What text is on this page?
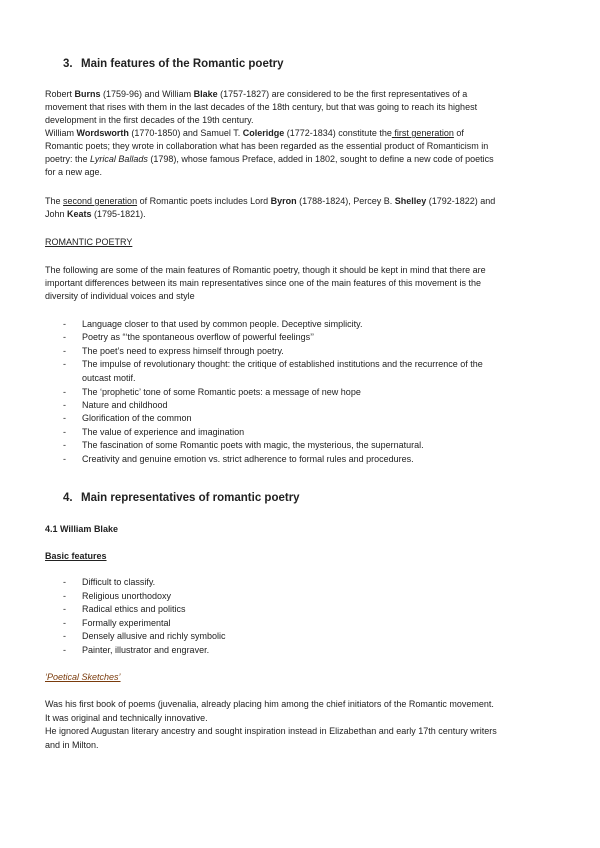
3. Main features of the Romantic poetry
Robert Burns (1759-96) and William Blake (1757-1827) are considered to be the first representatives of a
movement that rises with them in the last decades of the 18th century, but that was going to reach its highest
development in the first decades of the 19th century.
William Wordsworth (1770-1850) and Samuel T. Coleridge (1772-1834) constitute the first generation of
Romantic poets; they wrote in collaboration what has been regarded as the essential product of Romanticism in
poetry: the Lyrical Ballads (1798), whose famous Preface, added in 1802, sought to define a new code of poetics
for a new age.
The second generation of Romantic poets includes Lord Byron (1788-1824), Percey B. Shelley (1792-1822) and
John Keats (1795-1821).
ROMANTIC POETRY
The following are some of the main features of Romantic poetry, though it should be kept in mind that there are
important differences between its main representatives since one of the main features of this movement is the
diversity of individual voices and style
- Language closer to that used by common people. Deceptive simplicity.
- Poetry as “‘the spontaneous overflow of powerful feelings’’
- The poet’s need to express himself through poetry.
- The impulse of revolutionary thought: the critique of established institutions and the recurrence of the
outcast motif.
- The ‘prophetic’ tone of some Romantic poets: a message of new hope
- Nature and childhood
- Glorification of the common
- The value of experience and imagination
- The fascination of some Romantic poets with magic, the mysterious, the supernatural.
- Creativity and genuine emotion vs. strict adherence to formal rules and procedures.
4. Main representatives of romantic poetry
4.1 William Blake
Basic features
- Difficult to classify.
- Religious unorthodoxy
- Radical ethics and politics
- Formally experimental
- Densely allusive and richly symbolic
- Painter, illustrator and engraver.
‘Poetical Sketches’
Was his first book of poems (juvenalia, already placing him among the chief initiators of the Romantic movement.
It was original and technically innovative.
He ignored Augustan literary ancestry and sought inspiration instead in Elizabethan and early 17th century writers
and in Milton.
